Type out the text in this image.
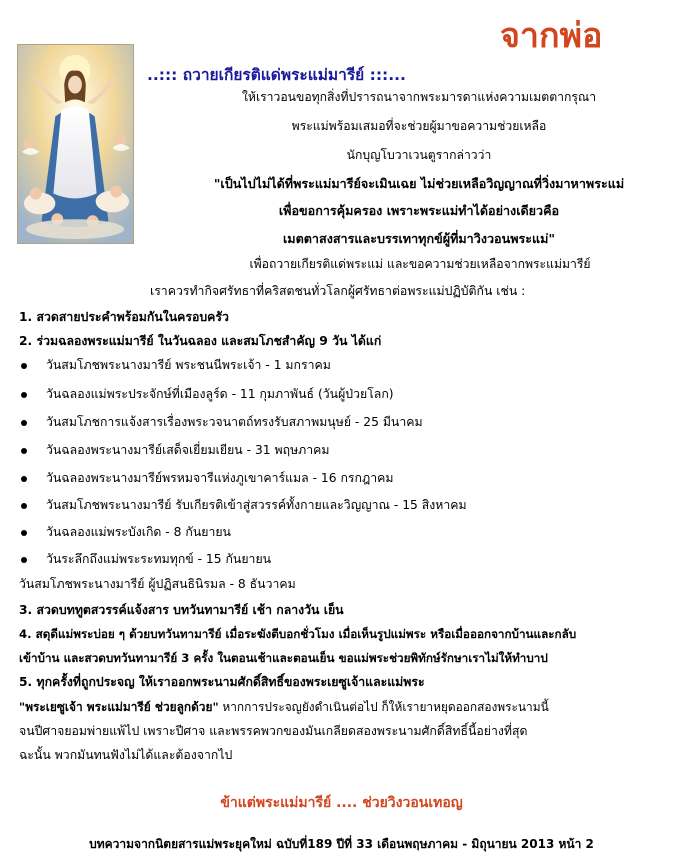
จากพ่อ
..::: ถวายเกียรติแด่พระแม่มารีย์ :::...
ให้เราวอนขอทุกสิ่งที่ปรารถนาจากพระมารดาแห่งความเมตตากรุณา
พระแม่พร้อมเสมอที่จะช่วยผู้มาขอความช่วยเหลือ
นักบุญโบวาเวนตูรากล่าวว่า
"เป็นไปไม่ได้ที่พระแม่มารีย์จะเมินเฉย ไม่ช่วยเหลือวิญญาณที่วิ่งมาหาพระแม่
เพื่อขอการคุ้มครอง เพราะพระแม่ทำได้อย่างเดียวคือ
เมตตาสงสารและบรรเทาทุกข์ผู้ที่มาวิงวอนพระแม่"
เพื่อถวายเกียรติแด่พระแม่ และขอความช่วยเหลือจากพระแม่มารีย์
เราควรทำกิจศรัทธาที่คริสตชนทั่วโลกผู้ศรัทธาต่อพระแม่ปฏิบัติกัน เช่น :
1. สวดสายประคำพร้อมกันในครอบครัว
2. ร่วมฉลองพระแม่มารีย์ ในวันฉลอง และสมโภชสำคัญ 9 วัน ได้แก่
วันสมโภชพระนางมารีย์ พระชนนีพระเจ้า - 1 มกราคม
วันฉลองแม่พระประจักษ์ที่เมืองลูร์ด - 11 กุมภาพันธ์ (วันผู้ป่วยโลก)
วันสมโภชการแจ้งสารเรื่องพระวจนาตถ์ทรงรับสภาพมนุษย์ - 25 มีนาคม
วันฉลองพระนางมารีย์เสด็จเยี่ยมเยียน - 31 พฤษภาคม
วันฉลองพระนางมารีย์พรหมจารีแห่งภูเขาคาร์แมล - 16 กรกฎาคม
วันสมโภชพระนางมารีย์ รับเกียรติเข้าสู่สวรรค์ทั้งกายและวิญญาณ - 15 สิงหาคม
วันฉลองแม่พระบังเกิด - 8 กันยายน
วันระลึกถึงแม่พระระทมทุกข์ - 15 กันยายน
วันสมโภชพระนางมารีย์ ผู้ปฏิสนธินิรมล - 8 ธันวาคม
3. สวดบททูตสวรรค์แจ้งสาร บทวันทามารีย์ เช้า กลางวัน เย็น
4. สดุดีแม่พระบ่อย ๆ ด้วยบทวันทามารีย์ เมื่อระฆังตีบอกชั่วโมง เมื่อเห็นรูปแม่พระ หรือเมื่อออกจากบ้านและกลับ
เข้าบ้าน และสวดบทวันทามารีย์ 3 ครั้ง ในตอนเช้าและตอนเย็น ขอแม่พระช่วยพิทักษ์รักษาเราไม่ให้ทำบาป
5. ทุกครั้งที่ถูกประจญ ให้เราออกพระนามศักดิ์สิทธิ์ของพระเยซูเจ้าและแม่พระ
"พระเยซูเจ้า พระแม่มารีย์ ช่วยลูกด้วย" หากการประจญยังดำเนินต่อไป ก็ให้เรายาหยุดออกสองพระนามนี้
จนปีศาจยอมพ่ายแพ้ไป เพราะปีศาจ และพรรคพวกของมันเกลียดสองพระนามศักดิ์สิทธิ์นี้อย่างที่สุด
ฉะนั้น พวกมันทนฟังไม่ได้และต้องจากไป
ข้าแต่พระแม่มารีย์ .... ช่วยวิงวอนเทอญ
บทความจากนิตยสารแม่พระยุคใหม่ ฉบับที่189 ปีที่ 33 เดือนพฤษภาคม - มิถุนายน 2013 หน้า 2
